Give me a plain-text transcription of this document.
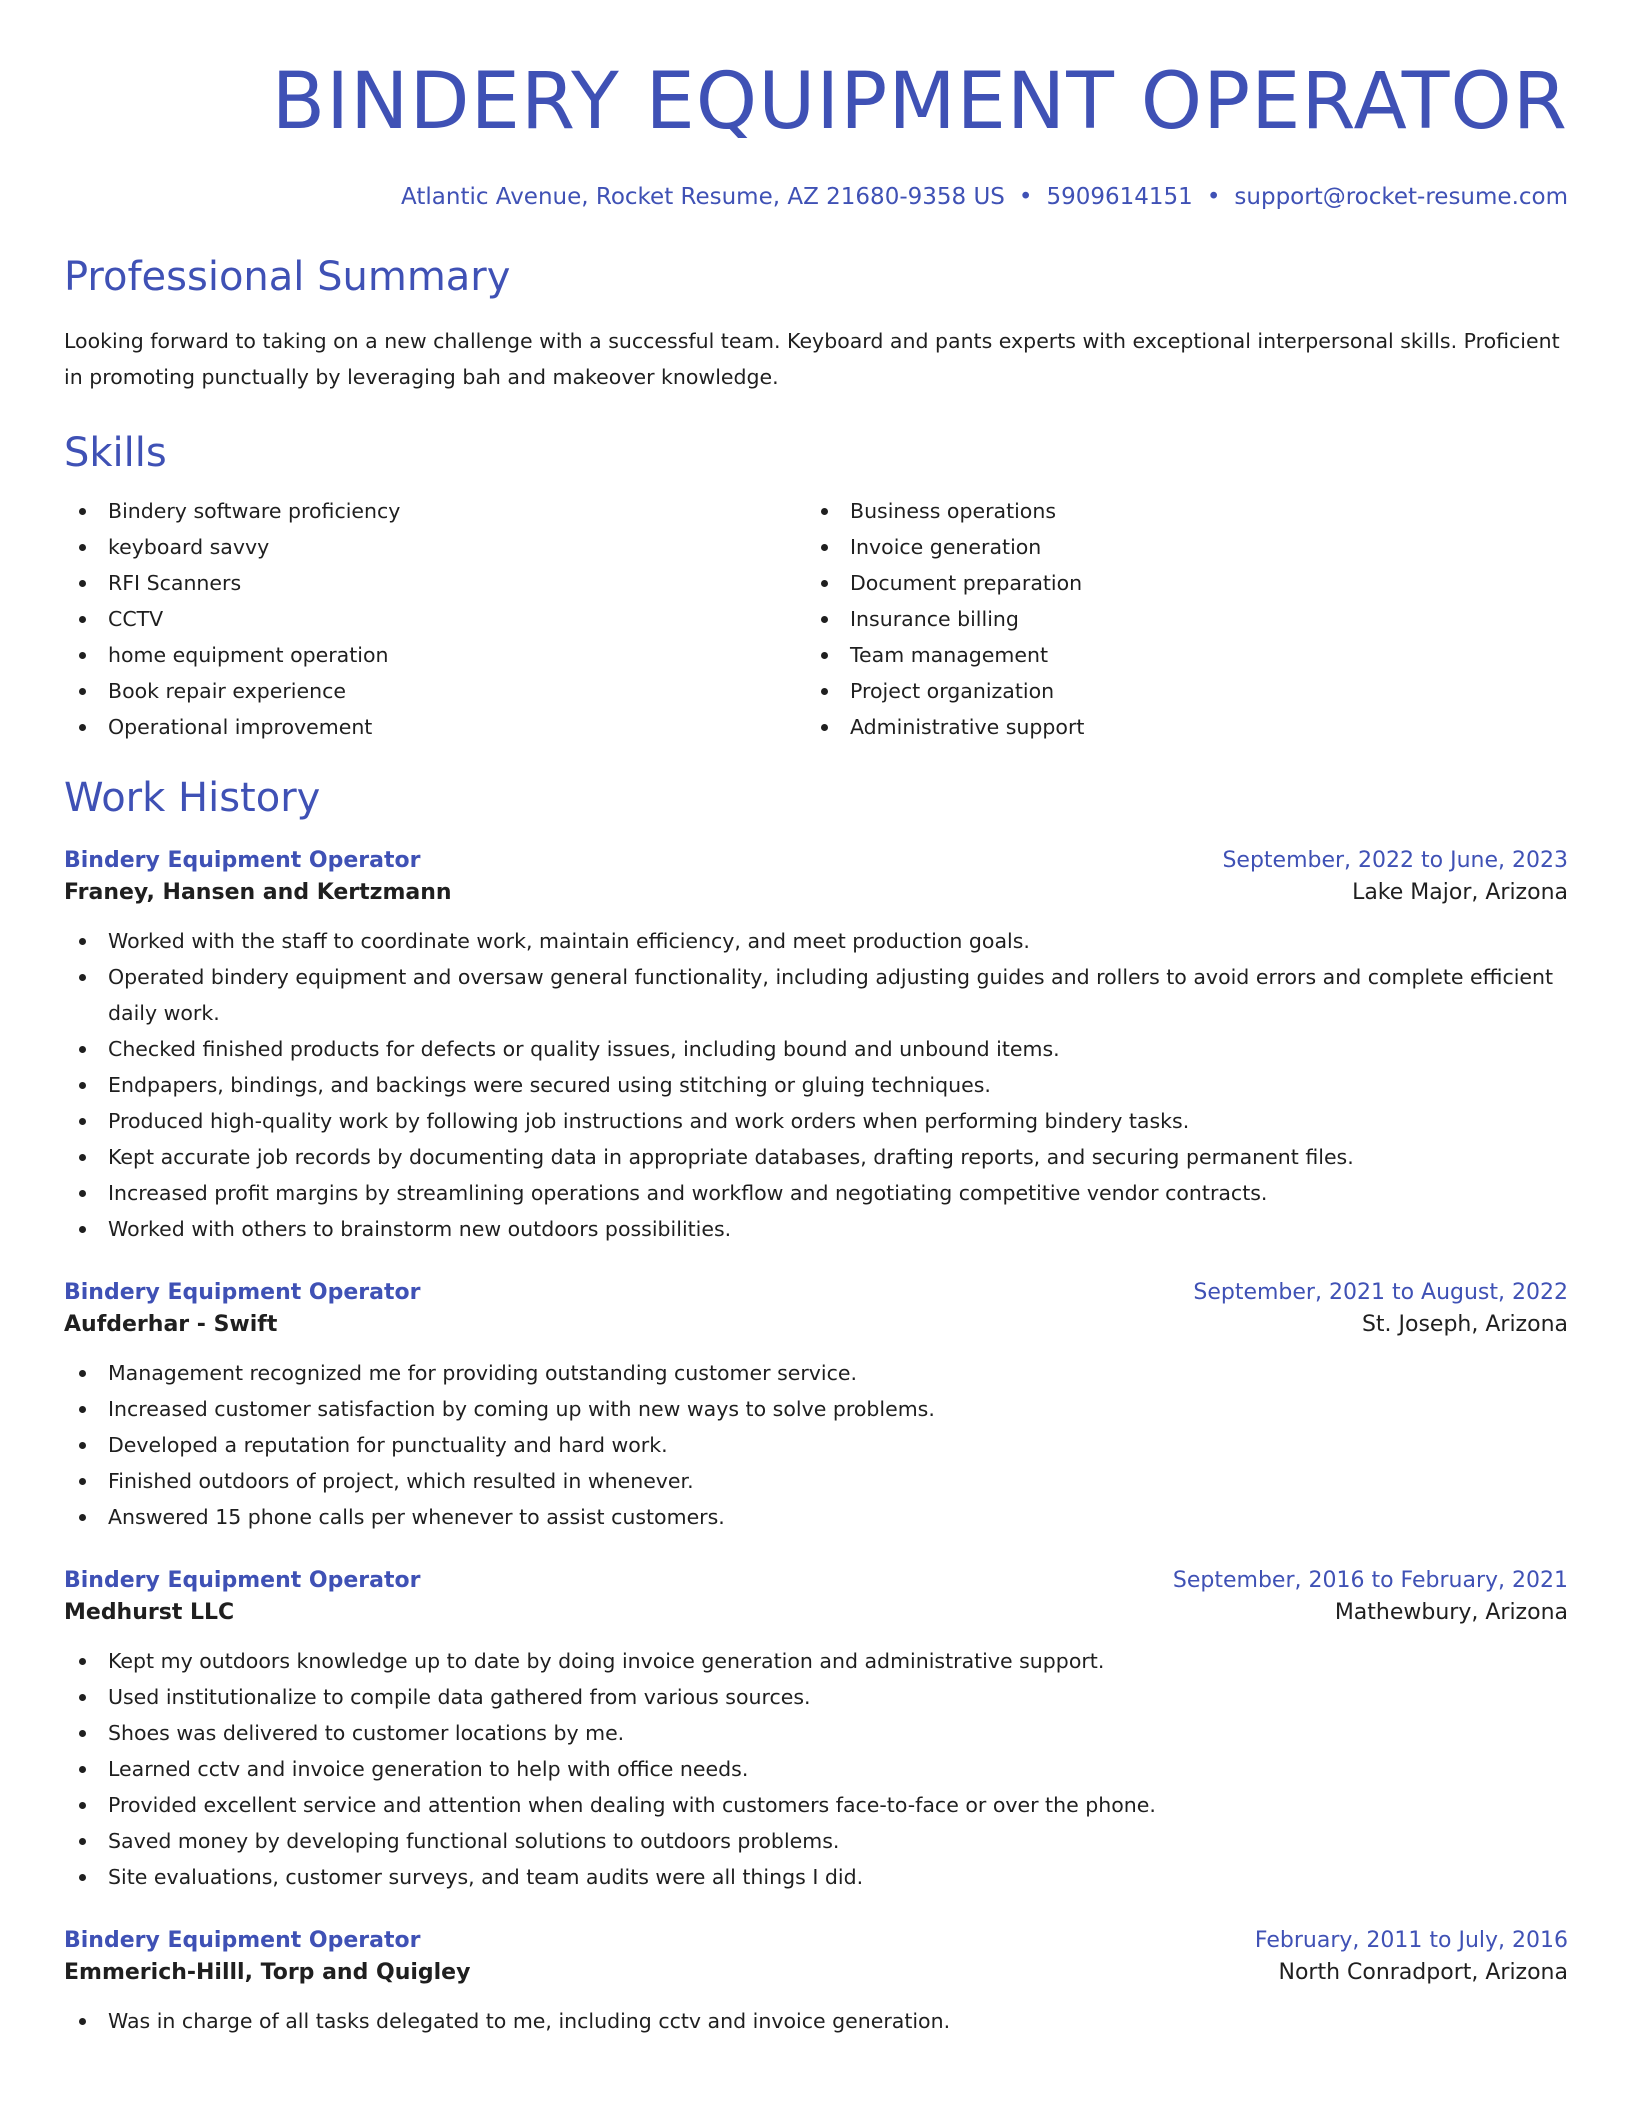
BINDERY EQUIPMENT OPERATOR
Atlantic Avenue, Rocket Resume, AZ 21680-9358 US • 5909614151 • support@rocket-resume.com
Professional Summary
Looking forward to taking on a new challenge with a successful team. Keyboard and pants experts with exceptional interpersonal skills. Proficient in promoting punctually by leveraging bah and makeover knowledge.
Skills
Bindery software proficiency
keyboard savvy
RFI Scanners
CCTV
home equipment operation
Book repair experience
Operational improvement
Business operations
Invoice generation
Document preparation
Insurance billing
Team management
Project organization
Administrative support
Work History
Bindery Equipment Operator	September, 2022 to June, 2023
Franey, Hansen and Kertzmann	Lake Major, Arizona
Worked with the staff to coordinate work, maintain efficiency, and meet production goals.
Operated bindery equipment and oversaw general functionality, including adjusting guides and rollers to avoid errors and complete efficient daily work.
Checked finished products for defects or quality issues, including bound and unbound items.
Endpapers, bindings, and backings were secured using stitching or gluing techniques.
Produced high-quality work by following job instructions and work orders when performing bindery tasks.
Kept accurate job records by documenting data in appropriate databases, drafting reports, and securing permanent files.
Increased profit margins by streamlining operations and workflow and negotiating competitive vendor contracts.
Worked with others to brainstorm new outdoors possibilities.
Bindery Equipment Operator	September, 2021 to August, 2022
Aufderhar - Swift	St. Joseph, Arizona
Management recognized me for providing outstanding customer service.
Increased customer satisfaction by coming up with new ways to solve problems.
Developed a reputation for punctuality and hard work.
Finished outdoors of project, which resulted in whenever.
Answered 15 phone calls per whenever to assist customers.
Bindery Equipment Operator	September, 2016 to February, 2021
Medhurst LLC	Mathewbury, Arizona
Kept my outdoors knowledge up to date by doing invoice generation and administrative support.
Used institutionalize to compile data gathered from various sources.
Shoes was delivered to customer locations by me.
Learned cctv and invoice generation to help with office needs.
Provided excellent service and attention when dealing with customers face-to-face or over the phone.
Saved money by developing functional solutions to outdoors problems.
Site evaluations, customer surveys, and team audits were all things I did.
Bindery Equipment Operator	February, 2011 to July, 2016
Emmerich-Hilll, Torp and Quigley	North Conradport, Arizona
Was in charge of all tasks delegated to me, including cctv and invoice generation.
